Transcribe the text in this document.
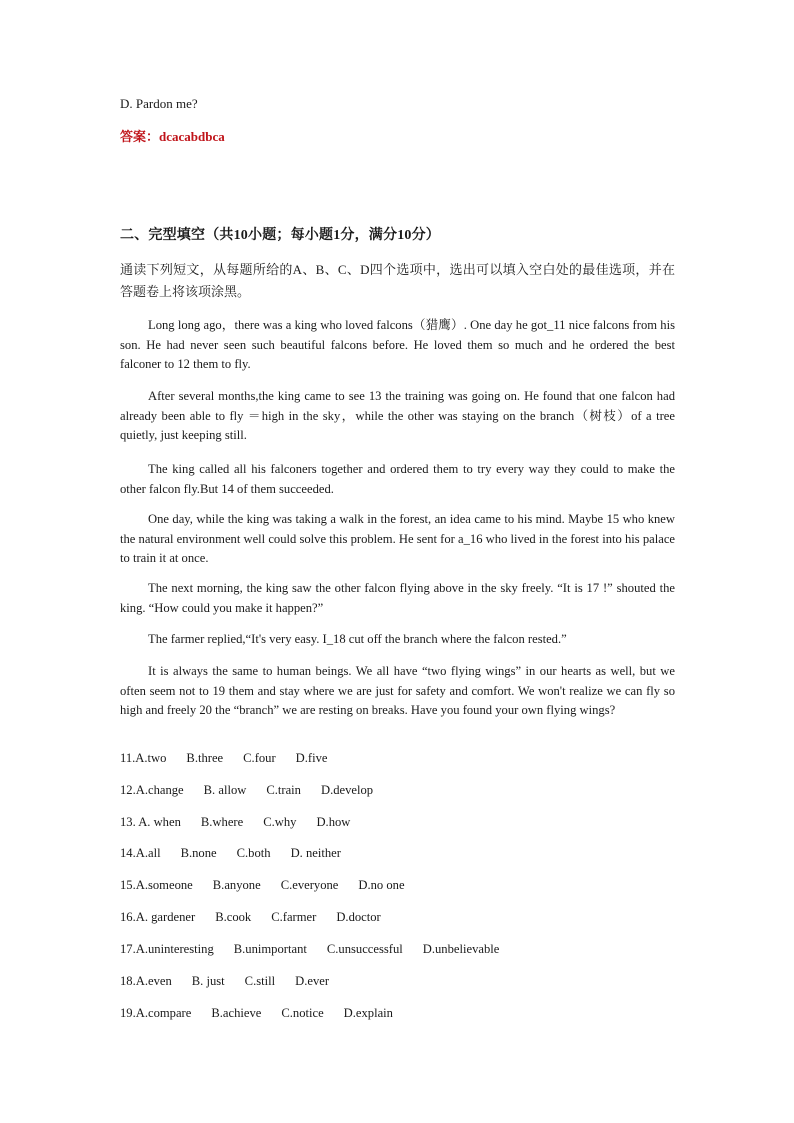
D. Pardon me?
答案：dcacabdbca
二、完型填空（共10小题；每小题1分，满分10分）
通读下列短文，从每题所给的A、B、C、D四个选项中，选出可以填入空白处的最佳选项，并在答题卷上将该项涂黑。
Long long ago，there was a king who loved falcons（猎鹰）. One day he got_11 nice falcons from his son. He had never seen such beautiful falcons before. He loved them so much and he ordered the best falconer to 12 them to fly.
After several months,the king came to see 13 the training was going on. He found that one falcon had already been able to fly ＝high in the sky，while the other was staying on the branch（树枝）of a tree quietly, just keeping still.
The king called all his falconers together and ordered them to try every way they could to make the other falcon fly.But 14 of them succeeded.
One day, while the king was taking a walk in the forest, an idea came to his mind. Maybe 15 who knew the natural environment well could solve this problem. He sent for a_16 who lived in the forest into his palace to train it at once.
The next morning, the king saw the other falcon flying above in the sky freely. “It is 17 !” shouted the king. “How could you make it happen?”
The farmer replied,“It's very easy. I_18 cut off the branch where the falcon rested.”
It is always the same to human beings. We all have “two flying wings” in our hearts as well, but we often seem not to 19 them and stay where we are just for safety and comfort. We won't realize we can fly so high and freely 20 the “branch” we are resting on breaks. Have you found your own flying wings?
11.A.two B.three C.four D.five
12.A.change B. allow C.train D.develop
13. A. when B.where C.why D.how
14.A.all B.none C.both D. neither
15.A.someone B.anyone C.everyone D.no one
16.A. gardener B.cook C.farmer D.doctor
17.A.uninteresting B.unimportant C.unsuccessful D.unbelievable
18.A.even B. just C.still D.ever
19.A.compare B.achieve C.notice D.explain
